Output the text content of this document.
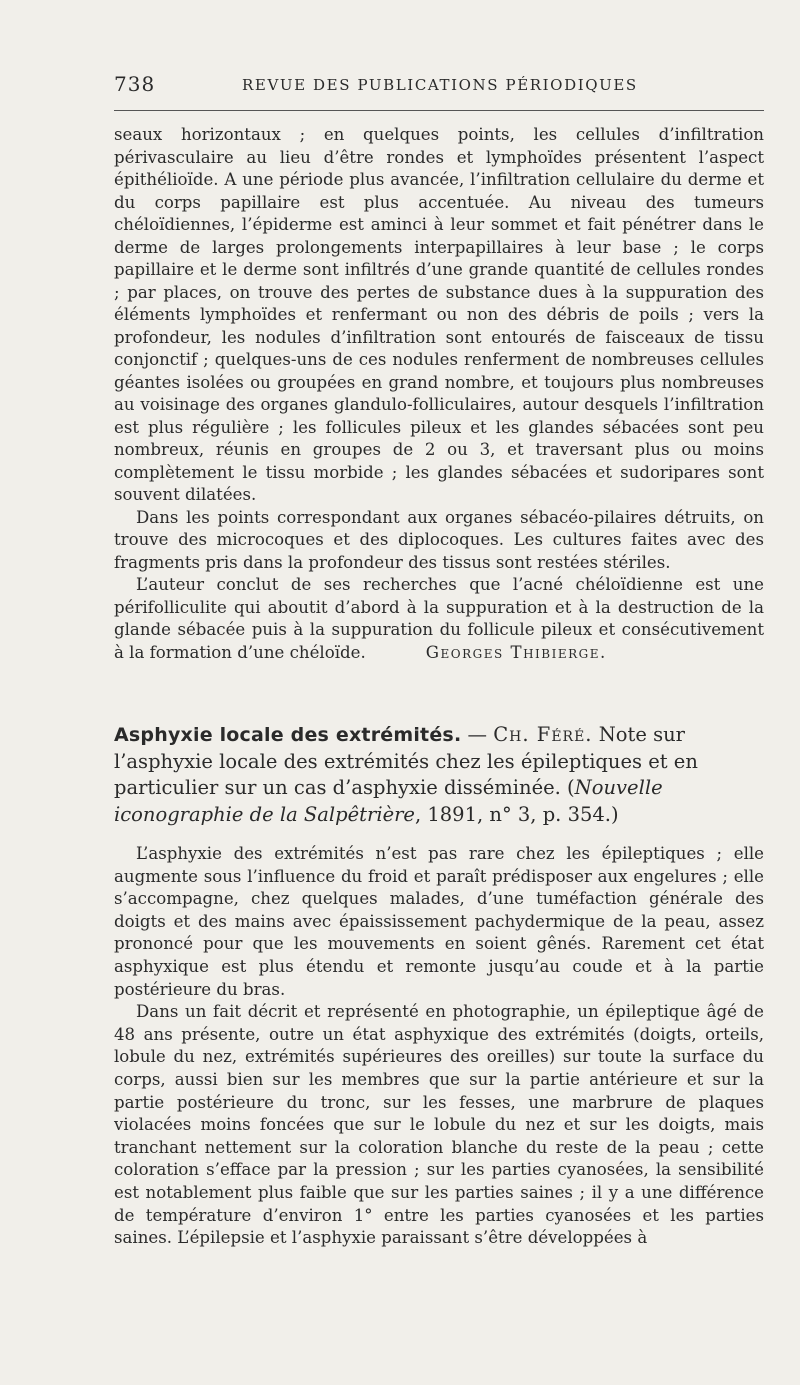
738	REVUE DES PUBLICATIONS PÉRIODIQUES

seaux horizontaux ; en quelques points, les cellules d’infiltration périvasculaire au lieu d’être rondes et lymphoïdes présentent l’aspect épithélioïde. A une période plus avancée, l’infiltration cellulaire du derme et du corps papillaire est plus accentuée. Au niveau des tumeurs chéloïdiennes, l’épiderme est aminci à leur sommet et fait pénétrer dans le derme de larges prolongements interpapillaires à leur base ; le corps papillaire et le derme sont infiltrés d’une grande quantité de cellules rondes ; par places, on trouve des pertes de substance dues à la suppuration des éléments lymphoïdes et renfermant ou non des débris de poils ; vers la profondeur, les nodules d’infiltration sont entourés de faisceaux de tissu conjonctif ; quelques-uns de ces nodules renferment de nombreuses cellules géantes isolées ou groupées en grand nombre, et toujours plus nombreuses au voisinage des organes glandulo-folliculaires, autour desquels l’infiltration est plus régulière ; les follicules pileux et les glandes sébacées sont peu nombreux, réunis en groupes de 2 ou 3, et traversant plus ou moins complètement le tissu morbide ; les glandes sébacées et sudoripares sont souvent dilatées.

Dans les points correspondant aux organes sébacéo-pilaires détruits, on trouve des microcoques et des diplocoques. Les cultures faites avec des fragments pris dans la profondeur des tissus sont restées stériles.

L’auteur conclut de ses recherches que l’acné chéloïdienne est une périfolliculite qui aboutit d’abord à la suppuration et à la destruction de la glande sébacée puis à la suppuration du follicule pileux et consécutivement à la formation d’une chéloïde.	Georges Thibierge.

Asphyxie locale des extrémités. — Ch. Féré. Note sur l’asphyxie locale des extrémités chez les épileptiques et en particulier sur un cas d’asphyxie disséminée. (Nouvelle iconographie de la Salpêtrière, 1891, n° 3, p. 354.)

L’asphyxie des extrémités n’est pas rare chez les épileptiques ; elle augmente sous l’influence du froid et paraît prédisposer aux engelures ; elle s’accompagne, chez quelques malades, d’une tuméfaction générale des doigts et des mains avec épaississement pachydermique de la peau, assez prononcé pour que les mouvements en soient gênés. Rarement cet état asphyxique est plus étendu et remonte jusqu’au coude et à la partie postérieure du bras.

Dans un fait décrit et représenté en photographie, un épileptique âgé de 48 ans présente, outre un état asphyxique des extrémités (doigts, orteils, lobule du nez, extrémités supérieures des oreilles) sur toute la surface du corps, aussi bien sur les membres que sur la partie antérieure et sur la partie postérieure du tronc, sur les fesses, une marbrure de plaques violacées moins foncées que sur le lobule du nez et sur les doigts, mais tranchant nettement sur la coloration blanche du reste de la peau ; cette coloration s’efface par la pression ; sur les parties cyanosées, la sensibilité est notablement plus faible que sur les parties saines ; il y a une différence de température d’environ 1° entre les parties cyanosées et les parties saines. L’épilepsie et l’asphyxie paraissant s’être développées à
